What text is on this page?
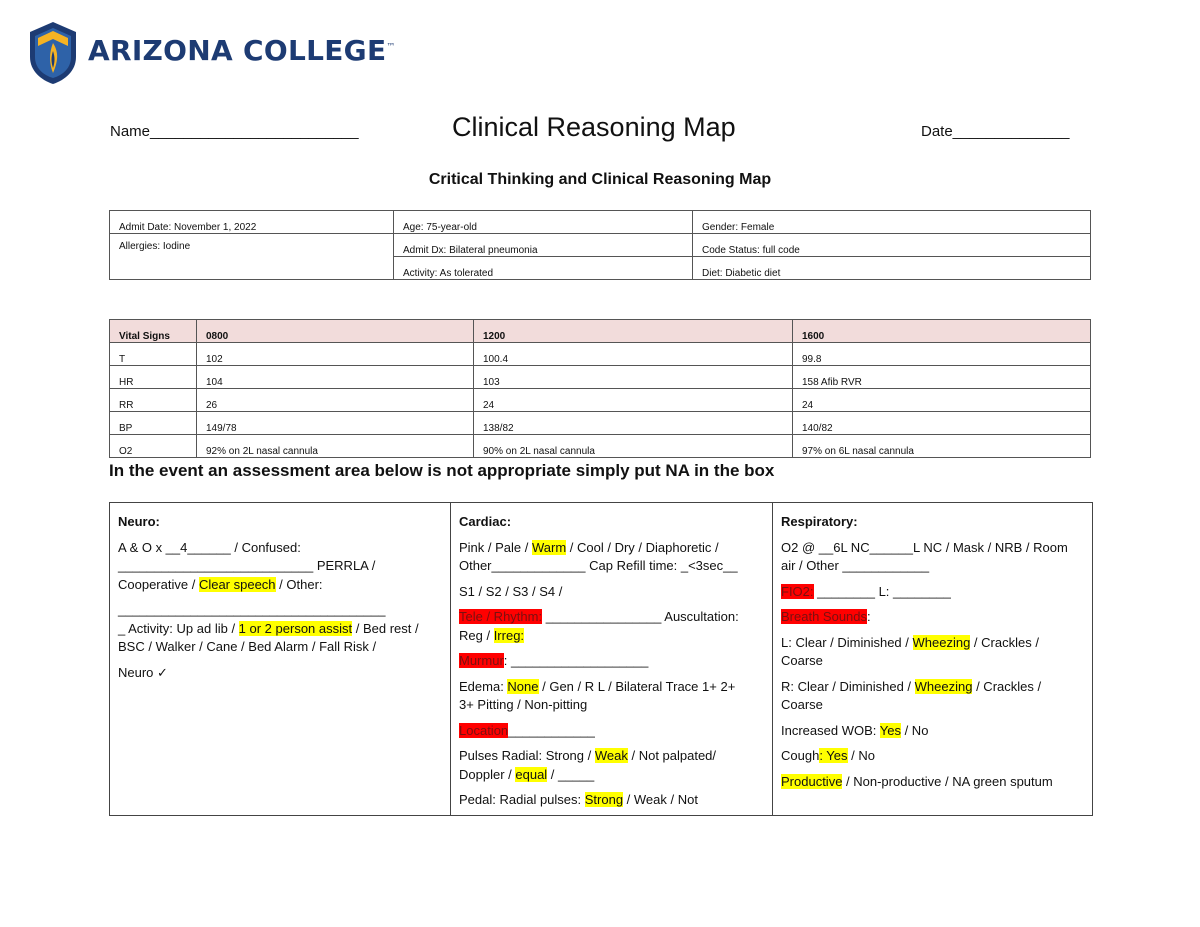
ARIZONA COLLEGE™
Name_________________________	Clinical Reasoning Map	Date______________
Critical Thinking and Clinical Reasoning Map
Admit Date: November 1, 2022	Age: 75-year-old	Gender: Female
Allergies: Iodine	Admit Dx: Bilateral pneumonia	Code Status: full code
	Activity: As tolerated	Diet: Diabetic diet
Vital Signs	0800	1200	1600
T	102	100.4	99.8
HR	104	103	158 Afib RVR
RR	26	24	24
BP	149/78	138/82	140/82
O2	92% on 2L nasal cannula	90% on 2L nasal cannula	97% on 6L nasal cannula
In the event an assessment area below is not appropriate simply put NA in the box

Neuro:

A & O x __4______ / Confused:
___________________________ PERRLA /
Cooperative / Clear speech / Other:

_____________________________________
_ Activity: Up ad lib / 1 or 2 person assist / Bed rest /
BSC / Walker / Cane / Bed Alarm / Fall Risk /

Neuro ✓

Cardiac:

Pink / Pale / Warm / Cool / Dry / Diaphoretic /
Other_____________ Cap Refill time: _<3sec__

S1 / S2 / S3 / S4 /

Tele / Rhythm: ________________ Auscultation:
Reg / Irreg:

Murmur: ___________________

Edema: None / Gen / R L / Bilateral Trace 1+ 2+
3+ Pitting / Non-pitting

Location____________

Pulses Radial: Strong / Weak / Not palpated/
Doppler / equal / _____

Pedal: Radial pulses: Strong / Weak / Not

Respiratory:

O2 @ __6L NC______L NC / Mask / NRB / Room
air / Other ____________

FIO2: ________ L: ________

Breath Sounds:

L: Clear / Diminished / Wheezing / Crackles /
Coarse

R: Clear / Diminished / Wheezing / Crackles /
Coarse

Increased WOB: Yes / No

Cough: Yes / No

Productive / Non-productive / NA green sputum
